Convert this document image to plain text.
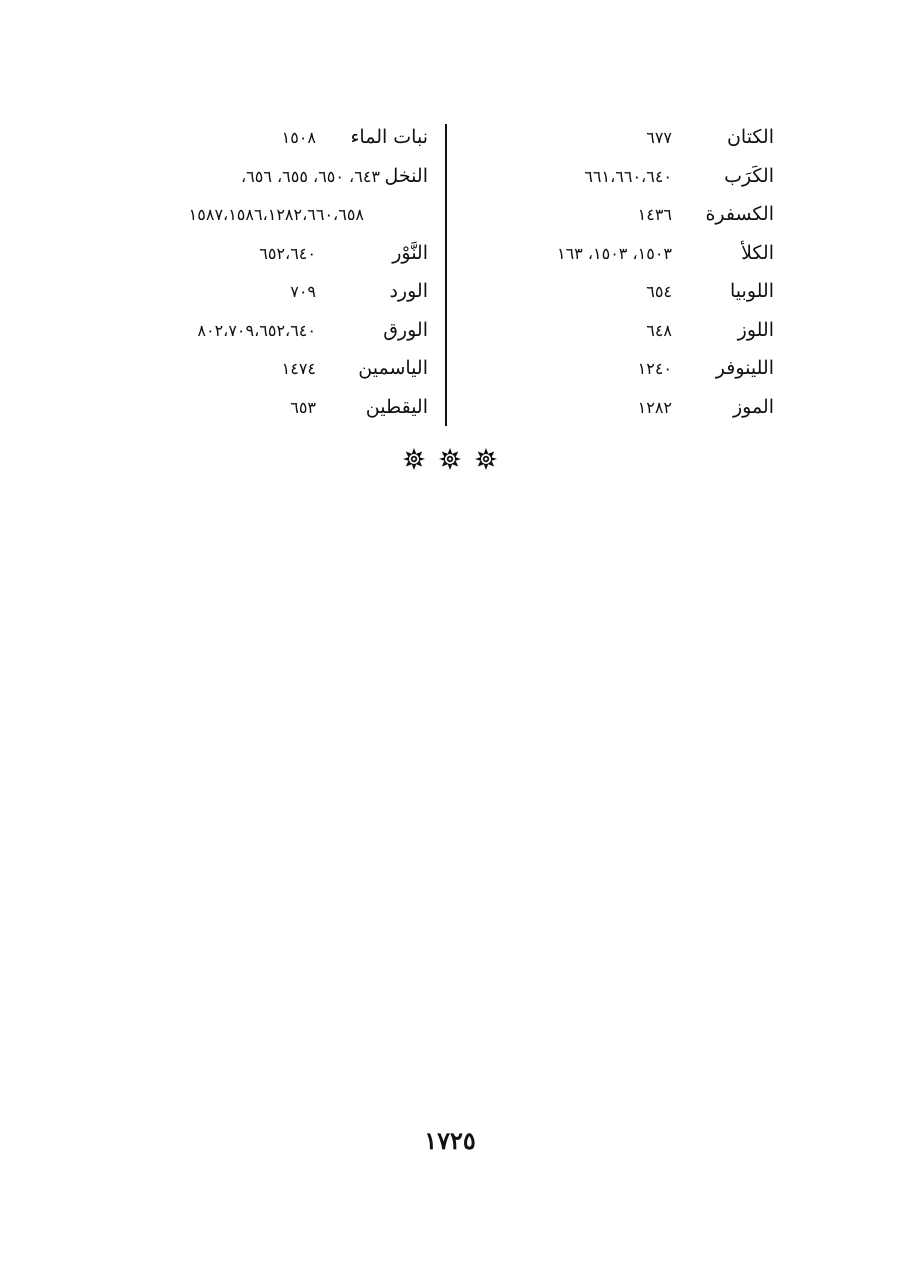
الكتان
٦٧٧
الكَرَب
٦٦١،٦٦٠،٦٤٠
الكسفرة
١٤٣٦
الكلأ
١٥٠٣، ١٥٠٣، ١٦٣
اللوبيا
٦٥٤
اللوز
٦٤٨
اللينوفر
١٢٤٠
الموز
١٢٨٢
نبات الماء
١٥٠٨
النخل
٦٤٣، ٦٥٠، ٦٥٥، ٦٥٦،
١٥٨٧،١٥٨٦،١٢٨٢،٦٦٠،٦٥٨
النَّوْر
٦٥٢،٦٤٠
الورد
٧٠٩
الورق
٨٠٢،٧٠٩،٦٥٢،٦٤٠
الياسمين
١٤٧٤
اليقطين
٦٥٣
١٧٢٥
